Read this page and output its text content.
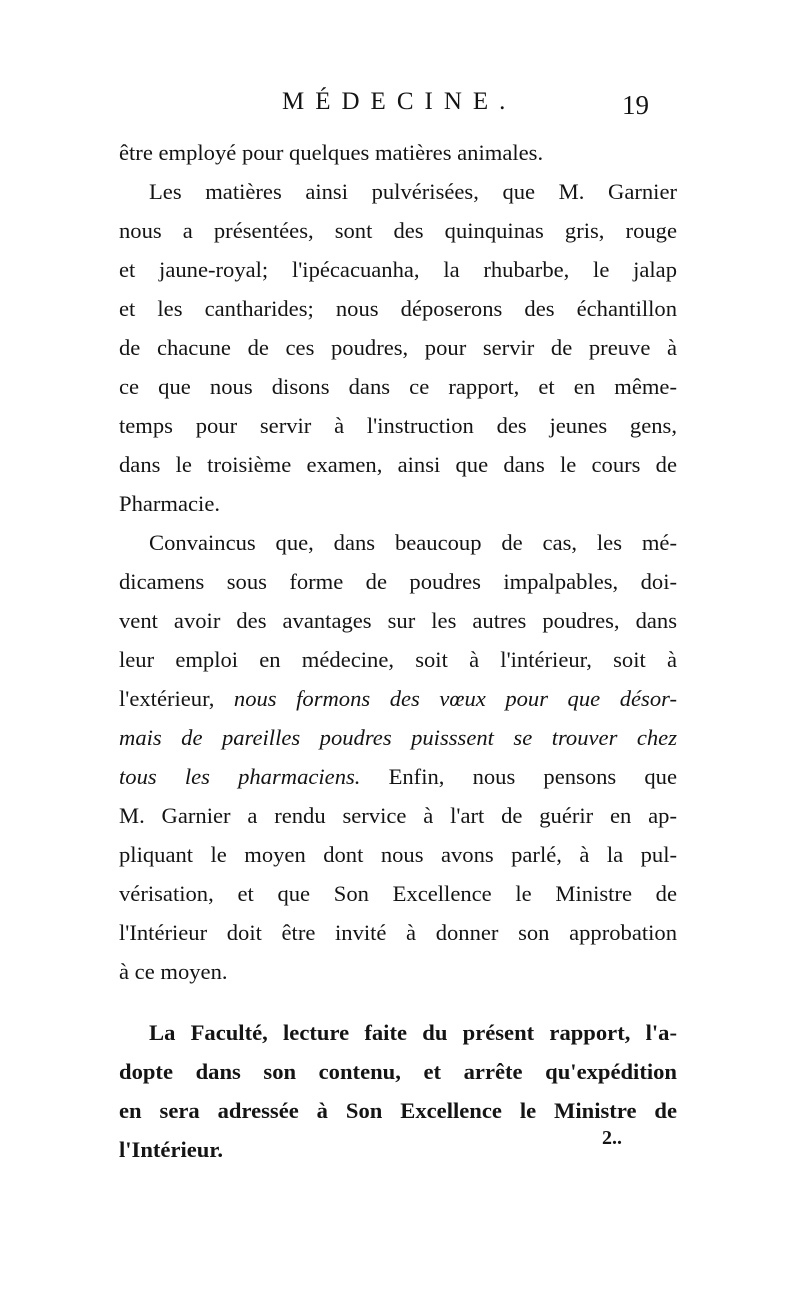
MÉDECINE.	19
être employé pour quelques matières animales.
Les matières ainsi pulvérisées, que M. Garnier
nous a présentées, sont des quinquinas gris, rouge
et jaune-royal; l'ipécacuanha, la rhubarbe, le jalap
et les cantharides; nous déposerons des échantillon
de chacune de ces poudres, pour servir de preuve à
ce que nous disons dans ce rapport, et en même-
temps pour servir à l'instruction des jeunes gens,
dans le troisième examen, ainsi que dans le cours de
Pharmacie.
Convaincus que, dans beaucoup de cas, les mé-
dicamens sous forme de poudres impalpables, doi-
vent avoir des avantages sur les autres poudres, dans
leur emploi en médecine, soit à l'intérieur, soit à
l'extérieur, nous formons des vœux pour que désor-
mais de pareilles poudres puisssent se trouver chez
tous les pharmaciens. Enfin, nous pensons que
M. Garnier a rendu service à l'art de guérir en ap-
pliquant le moyen dont nous avons parlé, à la pul-
vérisation, et que Son Excellence le Ministre de
l'Intérieur doit être invité à donner son approbation
à ce moyen.
La Faculté, lecture faite du présent rapport, l'a-
dopte dans son contenu, et arrête qu'expédition
en sera adressée à Son Excellence le Ministre de
l'Intérieur.	2..
